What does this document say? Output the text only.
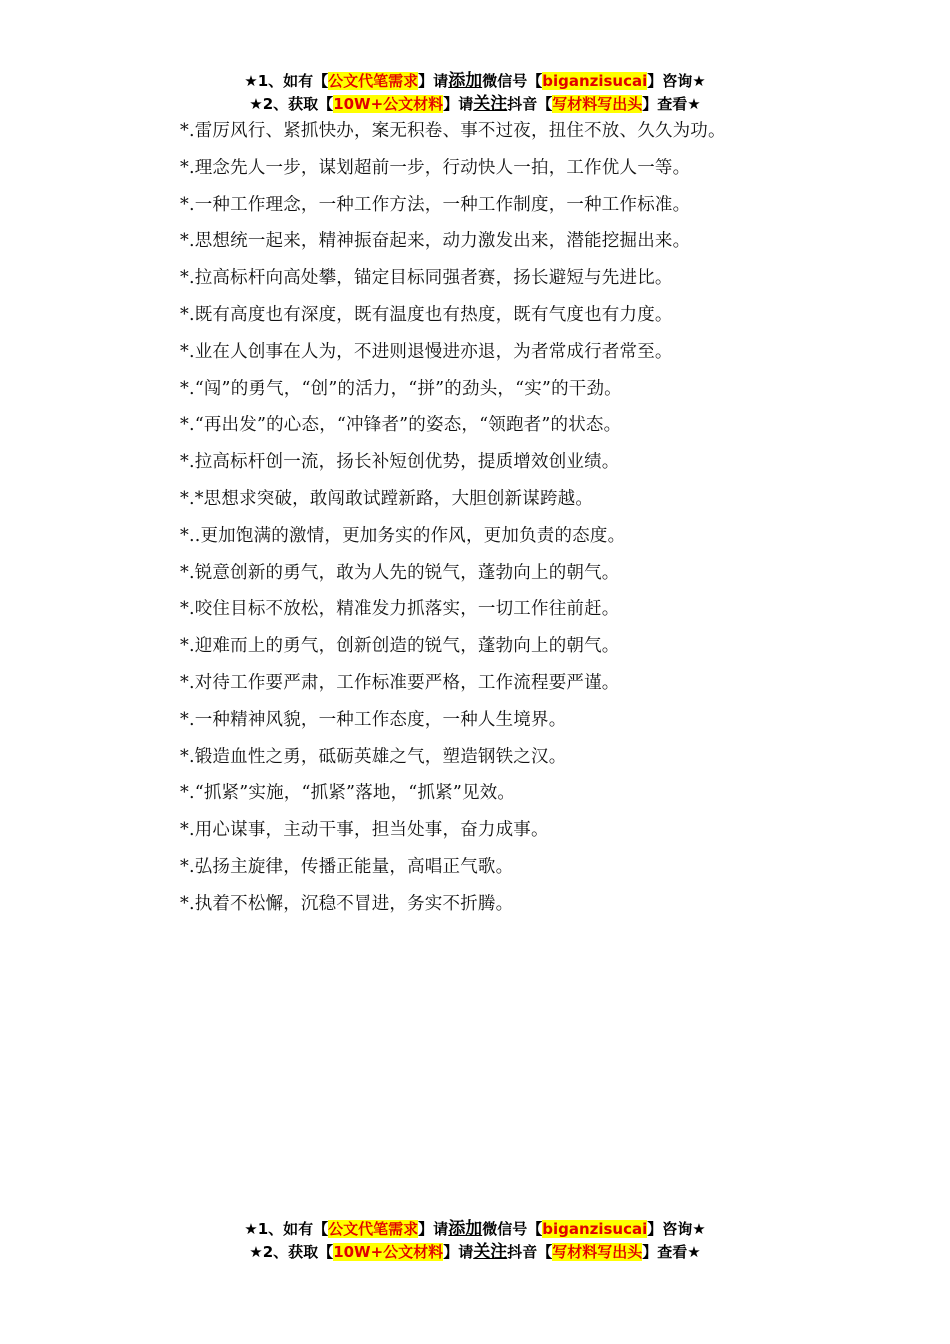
★1、如有【公文代笔需求】请添加微信号【biganzisucai】咨询★
★2、获取【10W+公文材料】请关注抖音【写材料写出头】查看★
*.雷厉风行、紧抓快办，案无积卷、事不过夜，扭住不放、久久为功。
*.理念先人一步，谋划超前一步，行动快人一拍，工作优人一等。
*.一种工作理念，一种工作方法，一种工作制度，一种工作标准。
*.思想统一起来，精神振奋起来，动力激发出来，潜能挖掘出来。
*.拉高标杆向高处攀，锚定目标同强者赛，扬长避短与先进比。
*.既有高度也有深度，既有温度也有热度，既有气度也有力度。
*.业在人创事在人为，不进则退慢进亦退，为者常成行者常至。
*.“闯”的勇气，“创”的活力，“拼”的劲头，“实”的干劲。
*.“再出发”的心态，“冲锋者”的姿态，“领跑者”的状态。
*.拉高标杆创一流，扬长补短创优势，提质增效创业绩。
*.*思想求突破，敢闯敢试蹚新路，大胆创新谋跨越。
*..更加饱满的激情，更加务实的作风，更加负责的态度。
*.锐意创新的勇气，敢为人先的锐气，蓬勃向上的朝气。
*.咬住目标不放松，精准发力抓落实，一切工作往前赶。
*.迎难而上的勇气，创新创造的锐气，蓬勃向上的朝气。
*.对待工作要严肃，工作标准要严格，工作流程要严谨。
*.一种精神风貌，一种工作态度，一种人生境界。
*.锻造血性之勇，砥砺英雄之气，塑造钢铁之汉。
*.“抓紧”实施，“抓紧”落地，“抓紧”见效。
*.用心谋事，主动干事，担当处事，奋力成事。
*.弘扬主旋律，传播正能量，高唱正气歌。
*.执着不松懈，沉稳不冒进，务实不折腾。
★1、如有【公文代笔需求】请添加微信号【biganzisucai】咨询★
★2、获取【10W+公文材料】请关注抖音【写材料写出头】查看★
